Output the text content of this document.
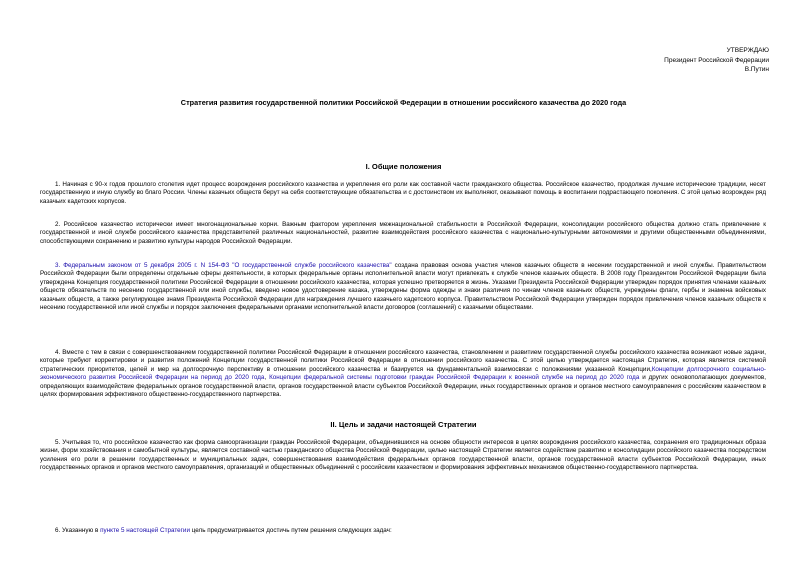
УТВЕРЖДАЮ
Президент Российской Федерации
В.Путин
Стратегия развития государственной политики Российской Федерации в отношении российского казачества до 2020 года
I. Общие положения

1. Начиная с 90-х годов прошлого столетия идет процесс возрождения российского казачества и укрепления его роли как составной части гражданского общества. Российское казачество, продолжая лучшие исторические традиции, несет государственную и иную службу во благо России. Члены казачьих обществ берут на себя соответствующие обязательства и с достоинством их выполняют, оказывают помощь в воспитании подрастающего поколения. С этой целью возрожден ряд казачьих кадетских корпусов.

2. Российское казачество исторически имеет многонациональные корни. Важным фактором укрепления межнациональной стабильности в Российской Федерации, консолидации российского общества должно стать привлечение к государственной и иной службе российского казачества представителей различных национальностей, развитие взаимодействия российского казачества с национально-культурными автономиями и другими общественными объединениями, способствующими сохранению и развитию культуры народов Российской Федерации.

3. Федеральным законом от 5 декабря 2005 г. N 154-ФЗ "О государственной службе российского казачества" создана правовая основа участия членов казачьих обществ в несении государственной и иной службы. Правительством Российской Федерации были определены отдельные сферы деятельности, в которых федеральные органы исполнительной власти могут привлекать к службе членов казачьих обществ. В 2008 году Президентом Российской Федерации была утверждена Концепция государственной политики Российской Федерации в отношении российского казачества, которая успешно претворяется в жизнь. Указами Президента Российской Федерации утвержден порядок принятия членами казачьих обществ обязательств по несению государственной или иной службы, введено новое удостоверение казака, утверждены форма одежды и знаки различия по чинам членов казачьих обществ, учреждены флаги, гербы и знамена войсковых казачьих обществ, а также регулирующее знамя Президента Российской Федерации для награждения лучшего казачьего кадетского корпуса. Правительством Российской Федерации утвержден порядок привлечения членов казачьих обществ к несению государственной или иной службы и порядок заключения федеральными органами исполнительной власти договоров (соглашений) с казачьими обществами.

4. Вместе с тем в связи с совершенствованием государственной политики Российской Федерации в отношении российского казачества, становлением и развитием государственной службы российского казачества возникают новые задачи, которые требуют корректировки и развития положений Концепции государственной политики Российской Федерации в отношении российского казачества. С этой целью утверждается настоящая Стратегия, которая является системой стратегических приоритетов, целей и мер на долгосрочную перспективу в отношении российского казачества и базируется на фундаментальной взаимосвязи с положениями указанной Концепции,Концепции долгосрочного социально-экономического развития Российской Федерации на период до 2020 года, Концепции федеральной системы подготовки граждан Российской Федерации к военной службе на период до 2020 года и других основополагающих документов, определяющих взаимодействие федеральных органов государственной власти, органов государственной власти субъектов Российской Федерации, иных государственных органов и органов местного самоуправления с российским казачеством в целях формирования эффективного общественно-государственного партнерства.

II. Цель и задачи настоящей Стратегии

5. Учитывая то, что российское казачество как форма самоорганизации граждан Российской Федерации, объединившихся на основе общности интересов в целях возрождения российского казачества, сохранения его традиционных образа жизни, форм хозяйствования и самобытной культуры, является составной частью гражданского общества Российской Федерации, целью настоящей Стратегии является содействие развитию и консолидации российского казачества посредством усиления его роли в решении государственных и муниципальных задач, совершенствования взаимодействия федеральных органов государственной власти, органов государственной власти субъектов Российской Федерации, иных государственных органов и органов местного самоуправления, организаций и общественных объединений с российским казачеством и формирования эффективных механизмов общественно-государственного партнерства.

6. Указанную в пункте 5 настоящей Стратегии цель предусматривается достичь путем решения следующих задач:
